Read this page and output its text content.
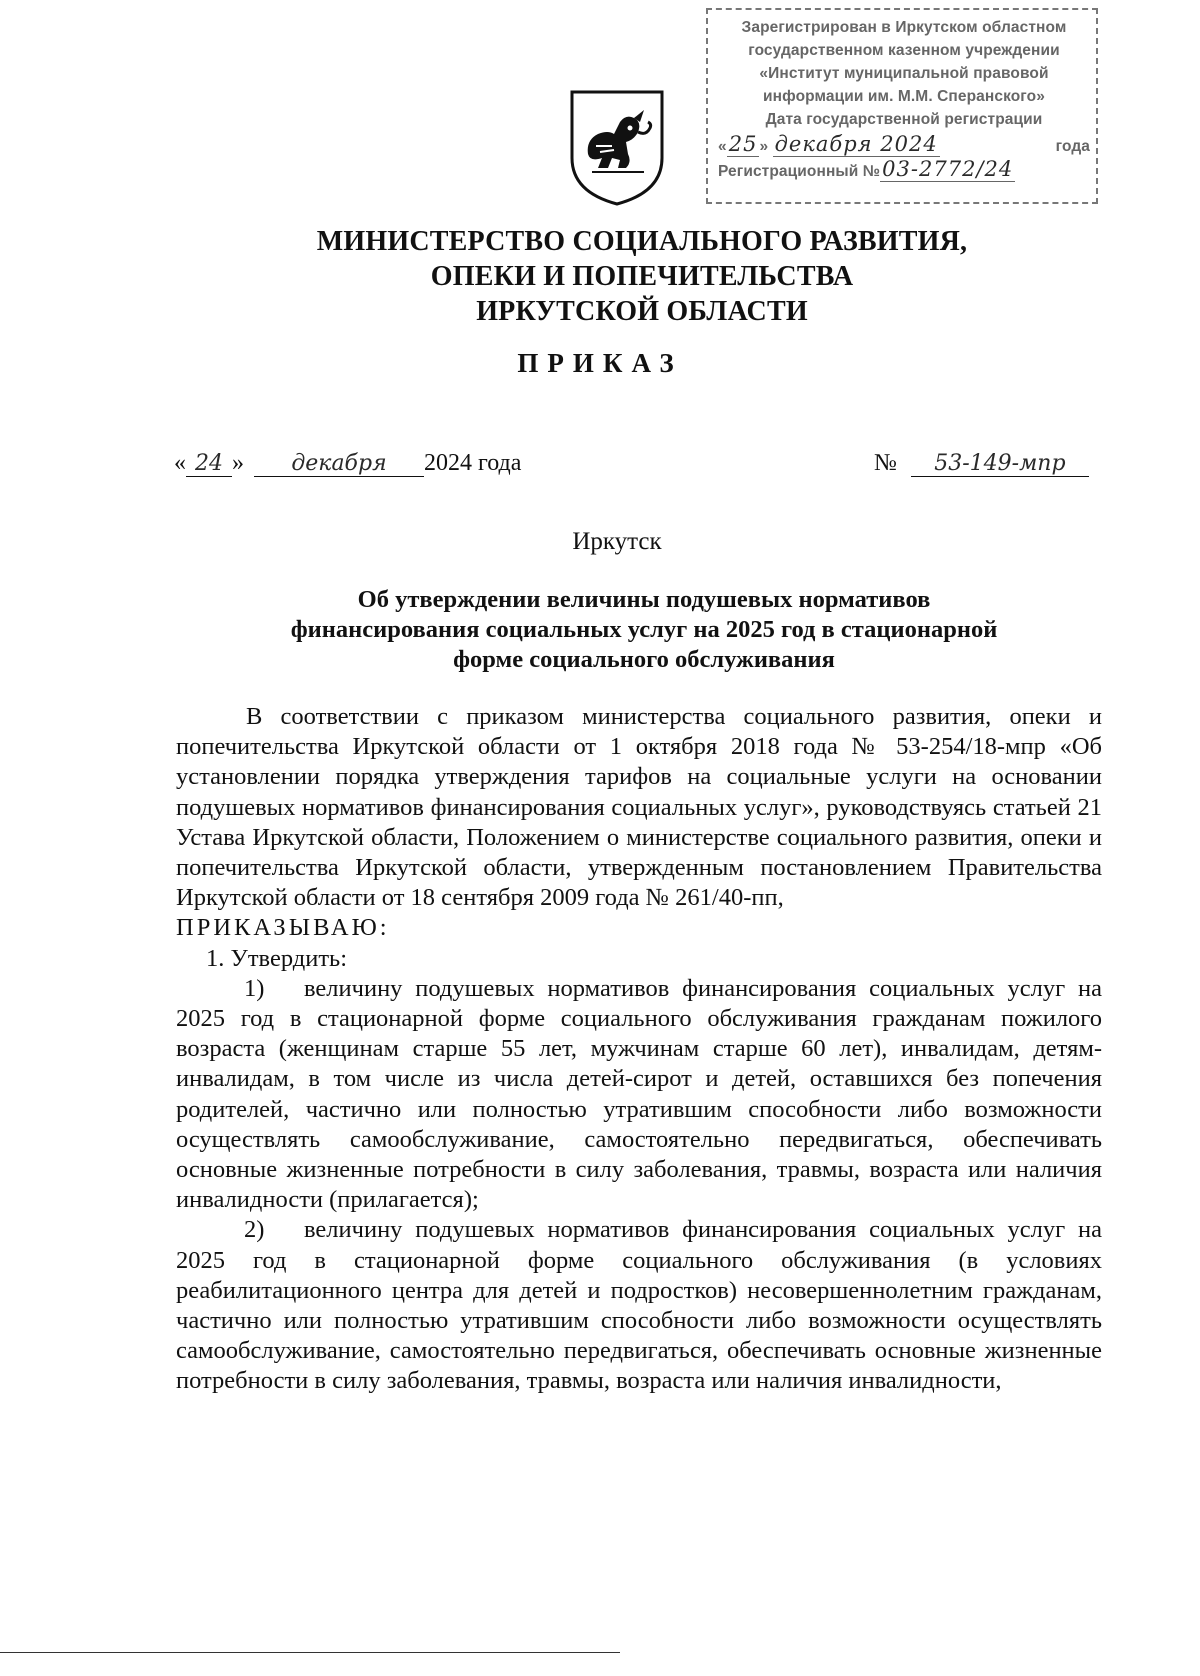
Зарегистрирован в Иркутском областном
государственном казенном учреждении
«Институт муниципальной правовой
информации им. М.М. Сперанского»
Дата государственной регистрации
«25 » декабря 2024	года
Регистрационный № 03-2772/24
МИНИСТЕРСТВО СОЦИАЛЬНОГО РАЗВИТИЯ,
ОПЕКИ И ПОПЕЧИТЕЛЬСТВА
ИРКУТСКОЙ ОБЛАСТИ
ПРИКАЗ
« 24 »	декабря	2024 года	№	53-149-мпр
Иркутск
Об утверждении величины подушевых нормативов
финансирования социальных услуг на 2025 год в стационарной
форме социального обслуживания

В соответствии с приказом министерства социального развития, опеки и попечительства Иркутской области от 1 октября 2018 года № 53-254/18-мпр «Об установлении порядка утверждения тарифов на социальные услуги на основании подушевых нормативов финансирования социальных услуг», руководствуясь статьей 21 Устава Иркутской области, Положением о министерстве социального развития, опеки и попечительства Иркутской области, утвержденным постановлением Правительства Иркутской области от 18 сентября 2009 года № 261/40-пп,

ПРИКАЗЫВАЮ:

1. Утвердить:

1) величину подушевых нормативов финансирования социальных услуг на 2025 год в стационарной форме социального обслуживания гражданам пожилого возраста (женщинам старше 55 лет, мужчинам старше 60 лет), инвалидам, детям-инвалидам, в том числе из числа детей-сирот и детей, оставшихся без попечения родителей, частично или полностью утратившим способности либо возможности осуществлять самообслуживание, самостоятельно передвигаться, обеспечивать основные жизненные потребности в силу заболевания, травмы, возраста или наличия инвалидности (прилагается);

2) величину подушевых нормативов финансирования социальных услуг на 2025 год в стационарной форме социального обслуживания (в условиях реабилитационного центра для детей и подростков) несовершеннолетним гражданам, частично или полностью утратившим способности либо возможности осуществлять самообслуживание, самостоятельно передвигаться, обеспечивать основные жизненные потребности в силу заболевания, травмы, возраста или наличия инвалидности,
